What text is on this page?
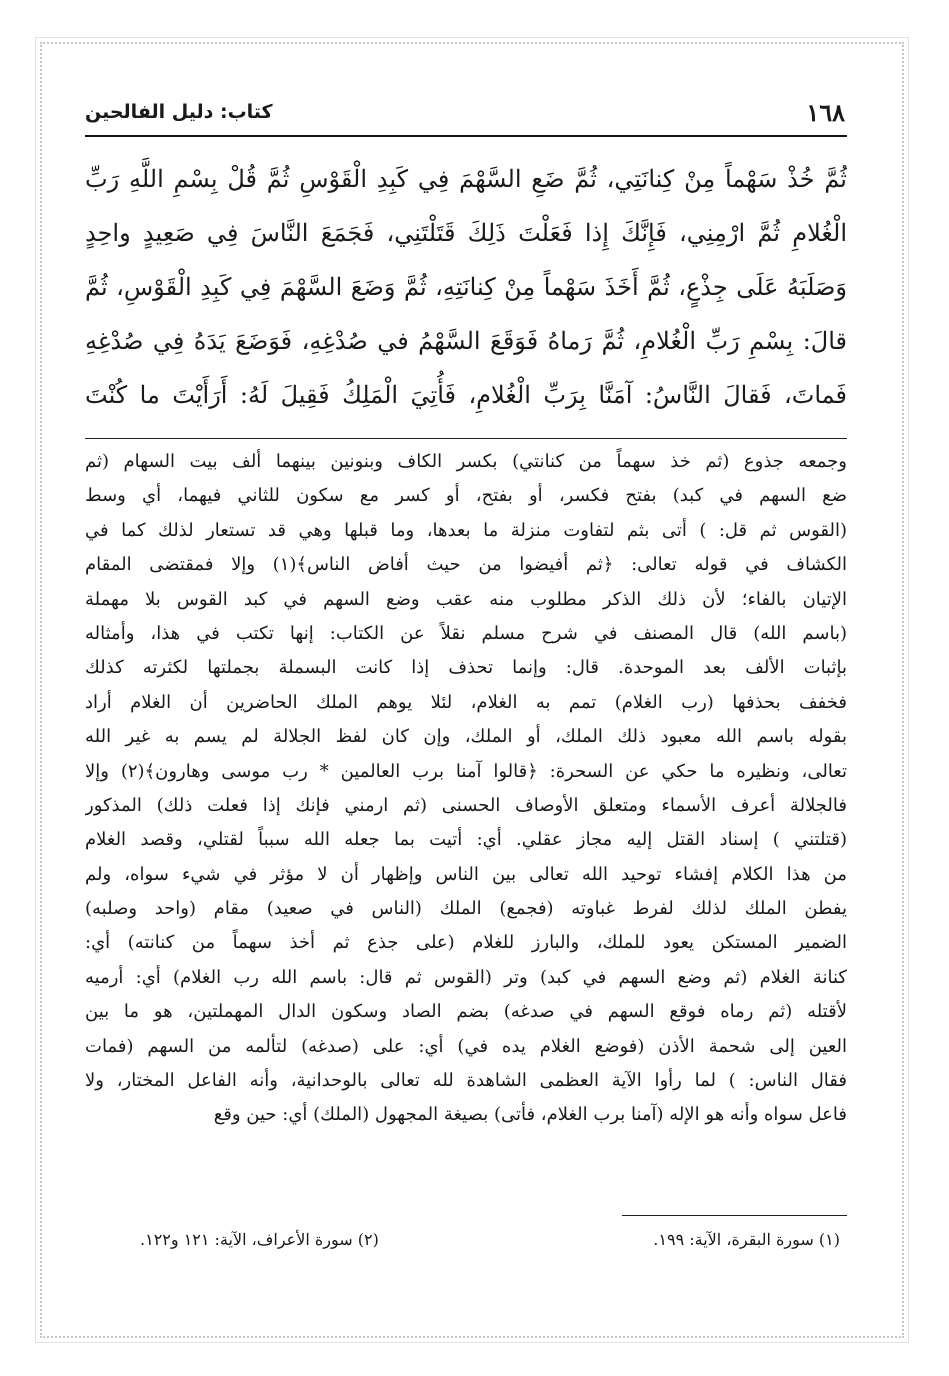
كتاب: دليل الفالحين	١٦٨
ثُمَّ خُذْ سَهْماً مِنْ كِنانَتِي، ثُمَّ ضَعِ السَّهْمَ فِي كَبِدِ الْقَوْسِ ثُمَّ قُلْ بِسْمِ اللَّهِ رَبِّ
الْغُلامِ ثُمَّ ارْمِنِي، فَإِنَّكَ إِذا فَعَلْتَ ذَلِكَ قَتَلْتَنِي، فَجَمَعَ النَّاسَ فِي صَعِيدٍ واحِدٍ
وَصَلَبَهُ عَلَى جِذْعٍ، ثُمَّ أَخَذَ سَهْماً مِنْ كِنانَتِهِ، ثُمَّ وَضَعَ السَّهْمَ فِي كَبِدِ الْقَوْسِ، ثُمَّ
قالَ: بِسْمِ رَبِّ الْغُلامِ، ثُمَّ رَماهُ فَوَقَعَ السَّهْمُ في صُدْغِهِ، فَوَضَعَ يَدَهُ فِي صُدْغِهِ
فَماتَ، فَقالَ النَّاسُ: آمَنَّا بِرَبِّ الْغُلامِ، فَأُتِيَ الْمَلِكُ فَقِيلَ لَهُ: أَرَأَيْتَ ما كُنْتَ
وجمعه جذوع (ثم خذ سهماً من كنانتي) بكسر الكاف وبنونين بينهما ألف بيت السهام (ثم
ضع السهم في كبد) بفتح فكسر، أو بفتح، أو كسر مع سكون للثاني فيهما، أي وسط
(القوس ثم قل: ) أتى بثم لتفاوت منزلة ما بعدها، وما قبلها وهي قد تستعار لذلك كما في
الكشاف في قوله تعالى: ﴿ثم أفيضوا من حيث أفاض الناس﴾(١) وإلا فمقتضى المقام
الإتيان بالفاء؛ لأن ذلك الذكر مطلوب منه عقب وضع السهم في كبد القوس بلا مهملة
(باسم الله) قال المصنف في شرح مسلم نقلاً عن الكتاب: إنها تكتب في هذا، وأمثاله
بإثبات الألف بعد الموحدة. قال: وإنما تحذف إذا كانت البسملة بجملتها لكثرته كذلك
فخفف بحذفها (رب الغلام) تمم به الغلام، لئلا يوهم الملك الحاضرين أن الغلام أراد
بقوله باسم الله معبود ذلك الملك، أو الملك، وإن كان لفظ الجلالة لم يسم به غير الله
تعالى، ونظيره ما حكي عن السحرة: ﴿قالوا آمنا برب العالمين * رب موسى وهارون﴾(٢) وإلا
فالجلالة أعرف الأسماء ومتعلق الأوصاف الحسنى (ثم ارمني فإنك إذا فعلت ذلك) المذكور
(قتلتني ) إسناد القتل إليه مجاز عقلي. أي: أتيت بما جعله الله سبباً لقتلي، وقصد الغلام
من هذا الكلام إفشاء توحيد الله تعالى بين الناس وإظهار أن لا مؤثر في شيء سواه، ولم
يفطن الملك لذلك لفرط غباوته (فجمع) الملك (الناس في صعيد) مقام (واحد وصلبه)
الضمير المستكن يعود للملك، والبارز للغلام (على جذع ثم أخذ سهماً من كنانته) أي:
كنانة الغلام (ثم وضع السهم في كبد) وتر (القوس ثم قال: باسم الله رب الغلام) أي: أرميه
لأقتله (ثم رماه فوقع السهم في صدغه) بضم الصاد وسكون الدال المهملتين، هو ما بين
العين إلى شحمة الأذن (فوضع الغلام يده في) أي: على (صدغه) لتألمه من السهم (فمات
فقال الناس: ) لما رأوا الآية العظمى الشاهدة لله تعالى بالوحدانية، وأنه الفاعل المختار، ولا
فاعل سواه وأنه هو الإله (آمنا برب الغلام، فأتى) بصيغة المجهول (الملك) أي: حين وقع
(١) سورة البقرة، الآية: ١٩٩.
(٢) سورة الأعراف، الآية: ١٢١ و١٢٢.
